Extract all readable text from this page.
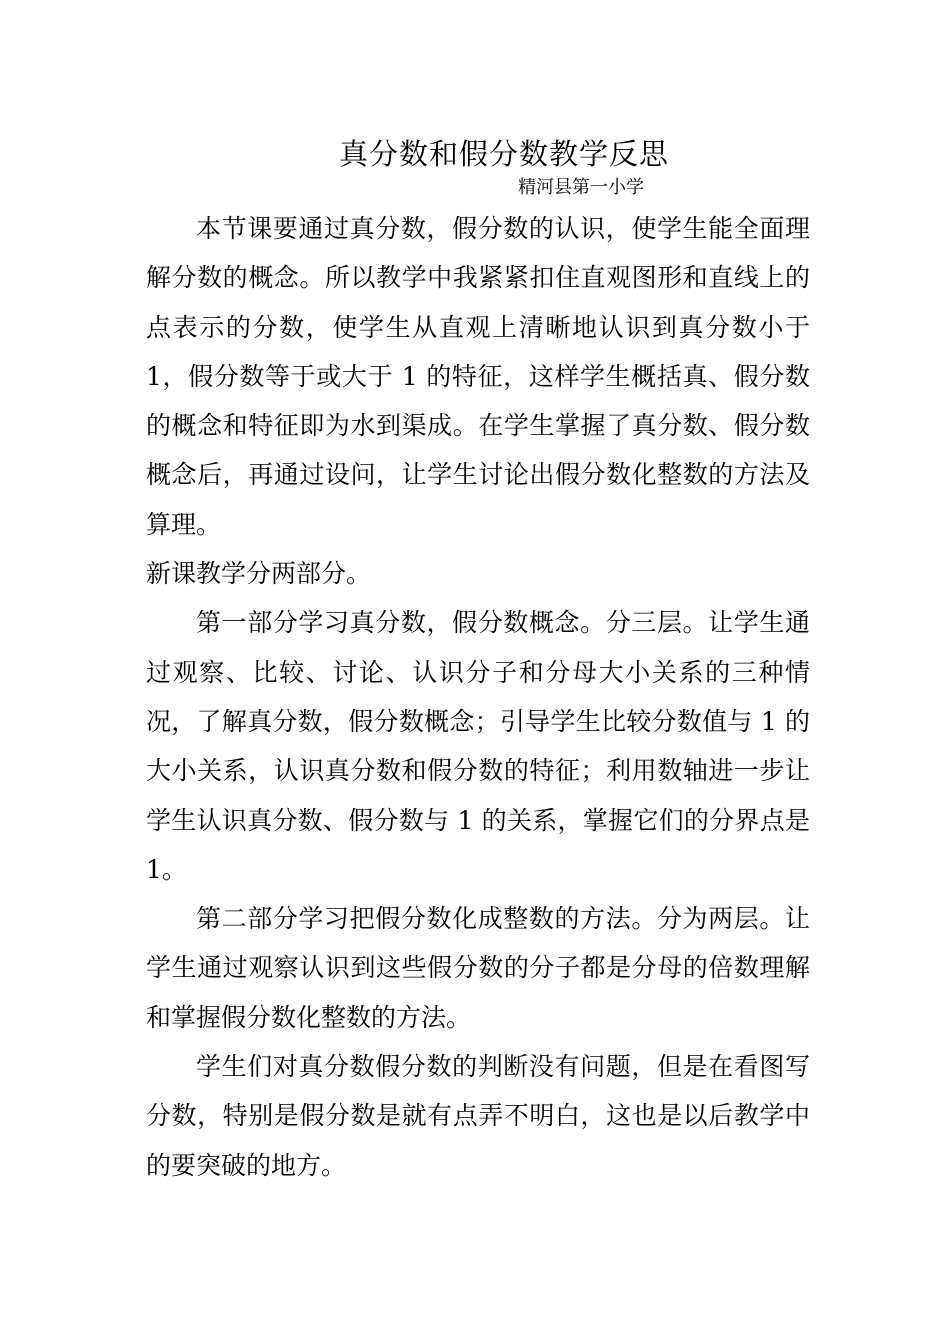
真分数和假分数教学反思
精河县第一小学

本节课要通过真分数，假分数的认识，使学生能全面理解分数的概念。所以教学中我紧紧扣住直观图形和直线上的点表示的分数，使学生从直观上清晰地认识到真分数小于 1，假分数等于或大于 1 的特征，这样学生概括真、假分数的概念和特征即为水到渠成。在学生掌握了真分数、假分数概念后，再通过设问，让学生讨论出假分数化整数的方法及算理。

新课教学分两部分。

第一部分学习真分数，假分数概念。分三层。让学生通过观察、比较、讨论、认识分子和分母大小关系的三种情况，了解真分数，假分数概念；引导学生比较分数值与 1 的大小关系，认识真分数和假分数的特征；利用数轴进一步让学生认识真分数、假分数与 1 的关系，掌握它们的分界点是 1。

第二部分学习把假分数化成整数的方法。分为两层。让学生通过观察认识到这些假分数的分子都是分母的倍数理解和掌握假分数化整数的方法。

学生们对真分数假分数的判断没有问题，但是在看图写分数，特别是假分数是就有点弄不明白，这也是以后教学中的要突破的地方。
